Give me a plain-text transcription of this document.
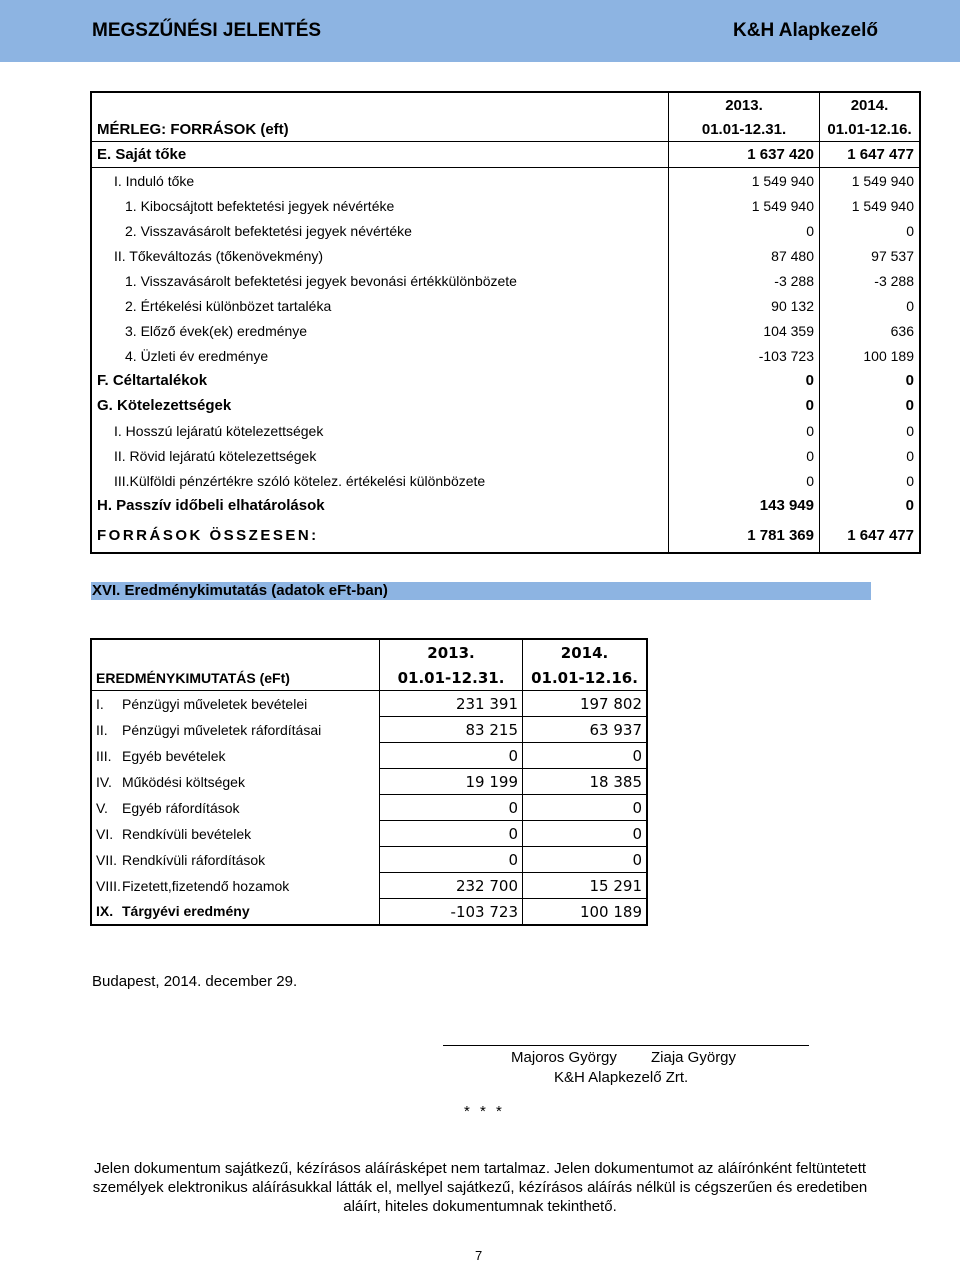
MEGSZŰNÉSI JELENTÉS	K&H Alapkezelő
	2013.	2014.
MÉRLEG: FORRÁSOK (eft)	01.01-12.31.	01.01-12.16.
E. Saját tőke	1 637 420	1 647 477
I. Induló tőke	1 549 940	1 549 940
1. Kibocsájtott befektetési jegyek névértéke	1 549 940	1 549 940
2. Visszavásárolt befektetési jegyek névértéke	0	0
II. Tőkeváltozás (tőkenövekmény)	87 480	97 537
1. Visszavásárolt befektetési jegyek bevonási értékkülönbözete	-3 288	-3 288
2. Értékelési különbözet tartaléka	90 132	0
3. Előző évek(ek) eredménye	104 359	636
4. Üzleti év eredménye	-103 723	100 189
F. Céltartalékok	0	0
G. Kötelezettségek	0	0
I. Hosszú lejáratú kötelezettségek	0	0
II. Rövid lejáratú kötelezettségek	0	0
III.Külföldi pénzértékre szóló kötelez. értékelési különbözete	0	0
H. Passzív időbeli elhatárolások	143 949	0
FORRÁSOK ÖSSZESEN:	1 781 369	1 647 477
XVI. Eredménykimutatás (adatok eFt-ban)
	2013.	2014.
EREDMÉNYKIMUTATÁS (eFt)	01.01-12.31.	01.01-12.16.
I. Pénzügyi műveletek bevételei	231 391	197 802
II. Pénzügyi műveletek ráfordításai	83 215	63 937
III. Egyéb bevételek	0	0
IV. Működési költségek	19 199	18 385
V. Egyéb ráfordítások	0	0
VI. Rendkívüli bevételek	0	0
VII. Rendkívüli ráfordítások	0	0
VIII.Fizetett,fizetendő hozamok	232 700	15 291
IX. Tárgyévi eredmény	-103 723	100 189
Budapest, 2014. december 29.
Majoros György Ziaja György
K&H Alapkezelő Zrt.
* * *
Jelen dokumentum sajátkezű, kézírásos aláírásképet nem tartalmaz. Jelen dokumentumot az aláírónként feltüntetett személyek elektronikus aláírásukkal látták el, mellyel sajátkezű, kézírásos aláírás nélkül is cégszerűen és eredetiben aláírt, hiteles dokumentumnak tekinthető.
7
